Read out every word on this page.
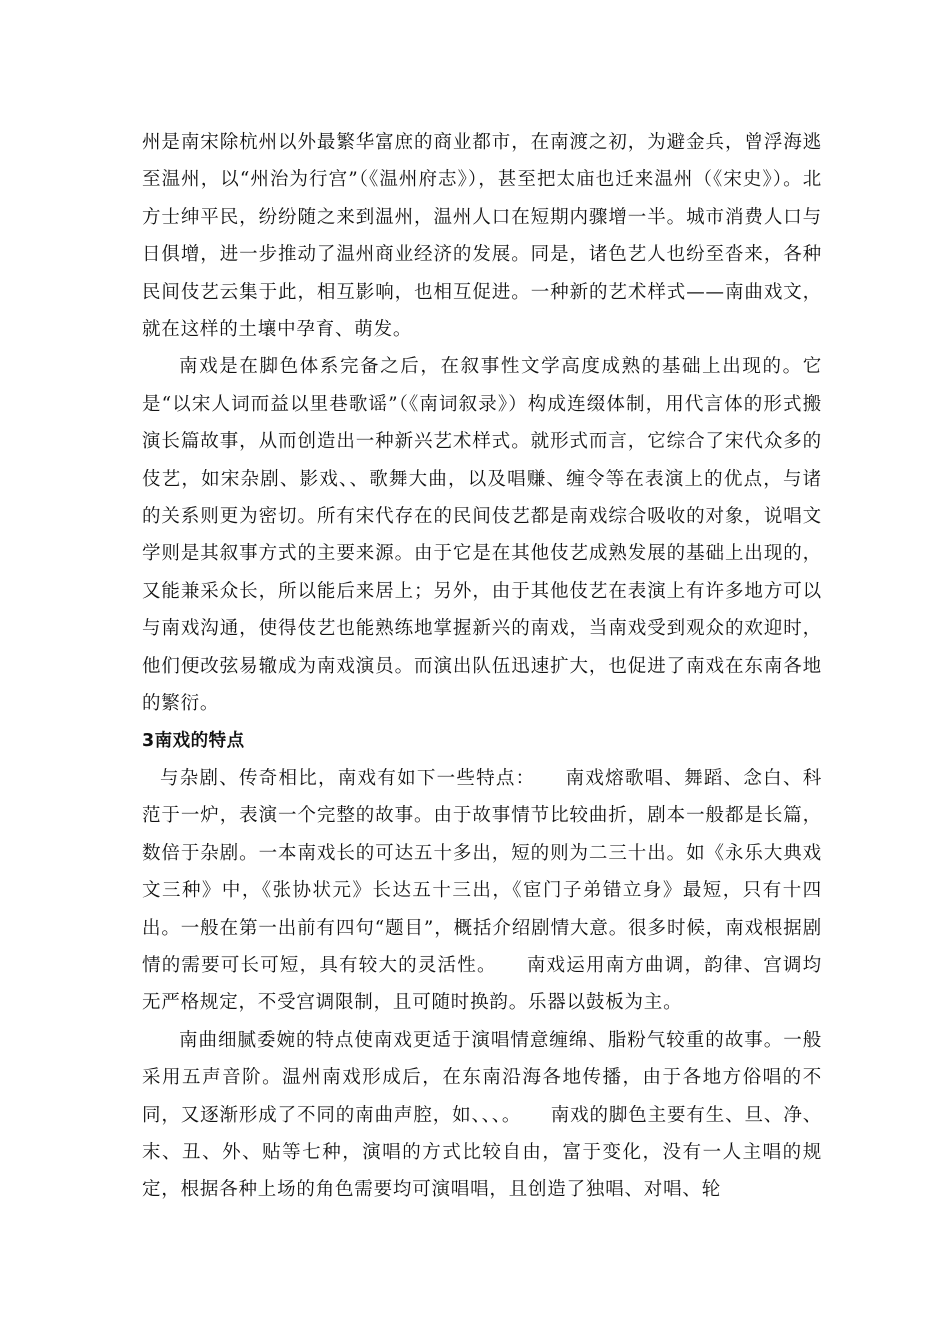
州是南宋除杭州以外最繁华富庶的商业都市，在南渡之初，为避金兵，曾浮海逃至温州，以“州治为行宫”（《温州府志》），甚至把太庙也迁来温州（《宋史》）。北方士绅平民，纷纷随之来到温州，温州人口在短期内骤增一半。城市消费人口与日俱增，进一步推动了温州商业经济的发展。同是，诸色艺人也纷至沓来，各种民间伎艺云集于此，相互影响，也相互促进。一种新的艺术样式——南曲戏文，就在这样的土壤中孕育、萌发。

南戏是在脚色体系完备之后，在叙事性文学高度成熟的基础上出现的。它是“以宋人词而益以里巷歌谣”（《南词叙录》）构成连缀体制，用代言体的形式搬演长篇故事，从而创造出一种新兴艺术样式。就形式而言，它综合了宋代众多的伎艺，如宋杂剧、影戏、、歌舞大曲，以及唱赚、缠令等在表演上的优点，与诸的关系则更为密切。所有宋代存在的民间伎艺都是南戏综合吸收的对象，说唱文学则是其叙事方式的主要来源。由于它是在其他伎艺成熟发展的基础上出现的，又能兼采众长，所以能后来居上；另外，由于其他伎艺在表演上有许多地方可以与南戏沟通，使得伎艺也能熟练地掌握新兴的南戏，当南戏受到观众的欢迎时，他们便改弦易辙成为南戏演员。而演出队伍迅速扩大，也促进了南戏在东南各地的繁衍。

3南戏的特点

与杂剧、传奇相比，南戏有如下一些特点：　　南戏熔歌唱、舞蹈、念白、科范于一炉，表演一个完整的故事。由于故事情节比较曲折，剧本一般都是长篇，数倍于杂剧。一本南戏长的可达五十多出，短的则为二三十出。如《永乐大典戏文三种》中，《张协状元》长达五十三出，《宦门子弟错立身》最短，只有十四出。一般在第一出前有四句“题目”，概括介绍剧情大意。很多时候，南戏根据剧情的需要可长可短，具有较大的灵活性。　　南戏运用南方曲调，韵律、宫调均无严格规定，不受宫调限制，且可随时换韵。乐器以鼓板为主。

南曲细腻委婉的特点使南戏更适于演唱情意缠绵、脂粉气较重的故事。一般采用五声音阶。温州南戏形成后，在东南沿海各地传播，由于各地方俗唱的不同，又逐渐形成了不同的南曲声腔，如、、、。　　南戏的脚色主要有生、旦、净、末、丑、外、贴等七种，演唱的方式比较自由，富于变化，没有一人主唱的规定，根据各种上场的角色需要均可演唱唱，且创造了独唱、对唱、轮
